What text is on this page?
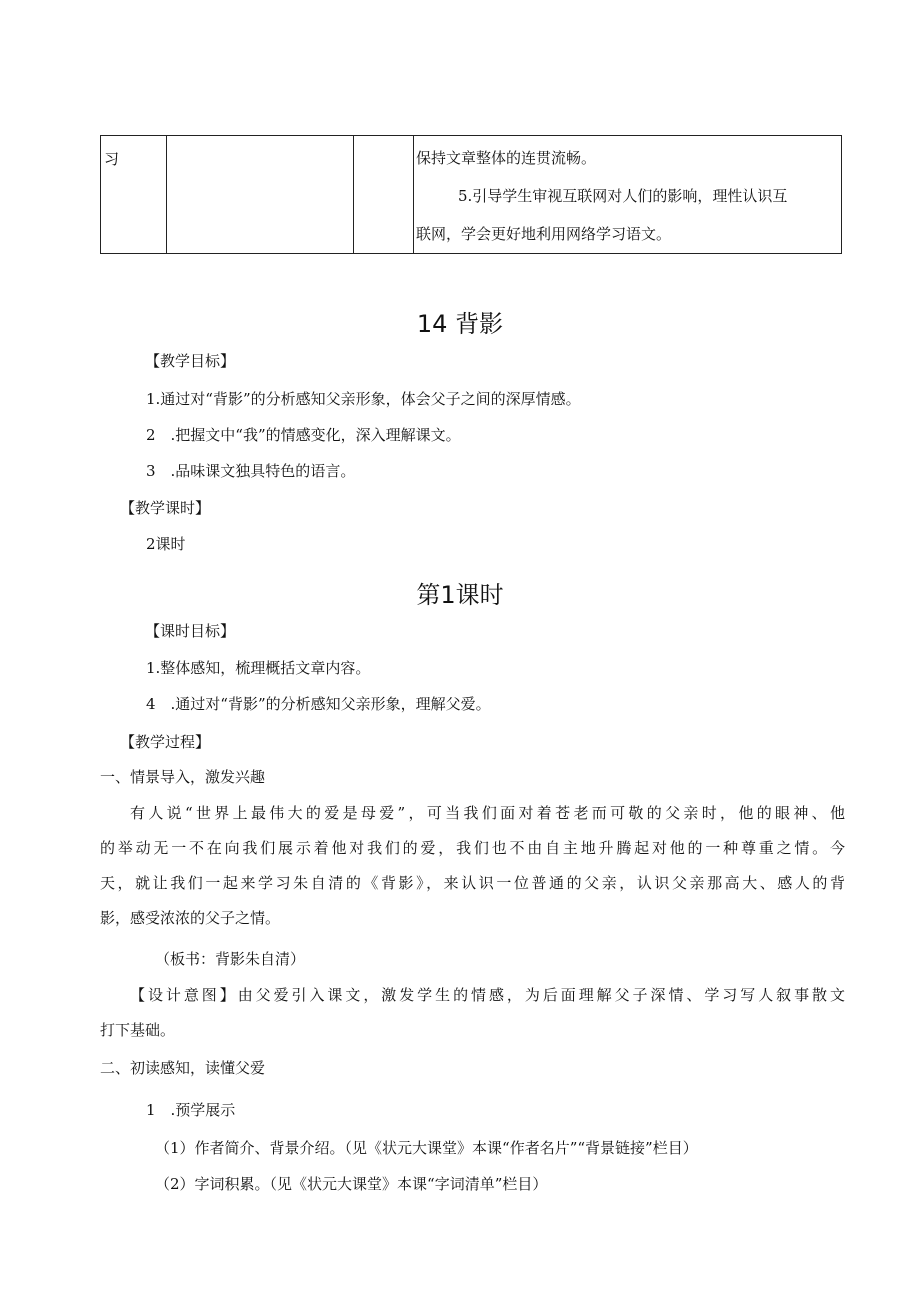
习			保持文章整体的连贯流畅。

5.引导学生审视互联网对人们的影响，理性认识互

联网，学会更好地利用网络学习语文。

14 背影
【教学目标】
1.通过对“背影”的分析感知父亲形象，体会父子之间的深厚情感。
2　.把握文中“我”的情感变化，深入理解课文。
3　.品味课文独具特色的语言。
【教学课时】
2课时
第1课时
【课时目标】
1.整体感知，梳理概括文章内容。
4　.通过对“背影”的分析感知父亲形象，理解父爱。
【教学过程】
一、情景导入，激发兴趣
有人说“世界上最伟大的爱是母爱”，可当我们面对着苍老而可敬的父亲时，他的眼神、他
的举动无一不在向我们展示着他对我们的爱，我们也不由自主地升腾起对他的一种尊重之情。今
天，就让我们一起来学习朱自清的《背影》，来认识一位普通的父亲，认识父亲那高大、感人的背
影，感受浓浓的父子之情。
（板书：背影朱自清）
【设计意图】由父爱引入课文，激发学生的情感，为后面理解父子深情、学习写人叙事散文
打下基础。
二、初读感知，读懂父爱
1　.预学展示
（1）作者简介、背景介绍。（见《状元大课堂》本课“作者名片”“背景链接”栏目）
（2）字词积累。（见《状元大课堂》本课“字词清单”栏目）
